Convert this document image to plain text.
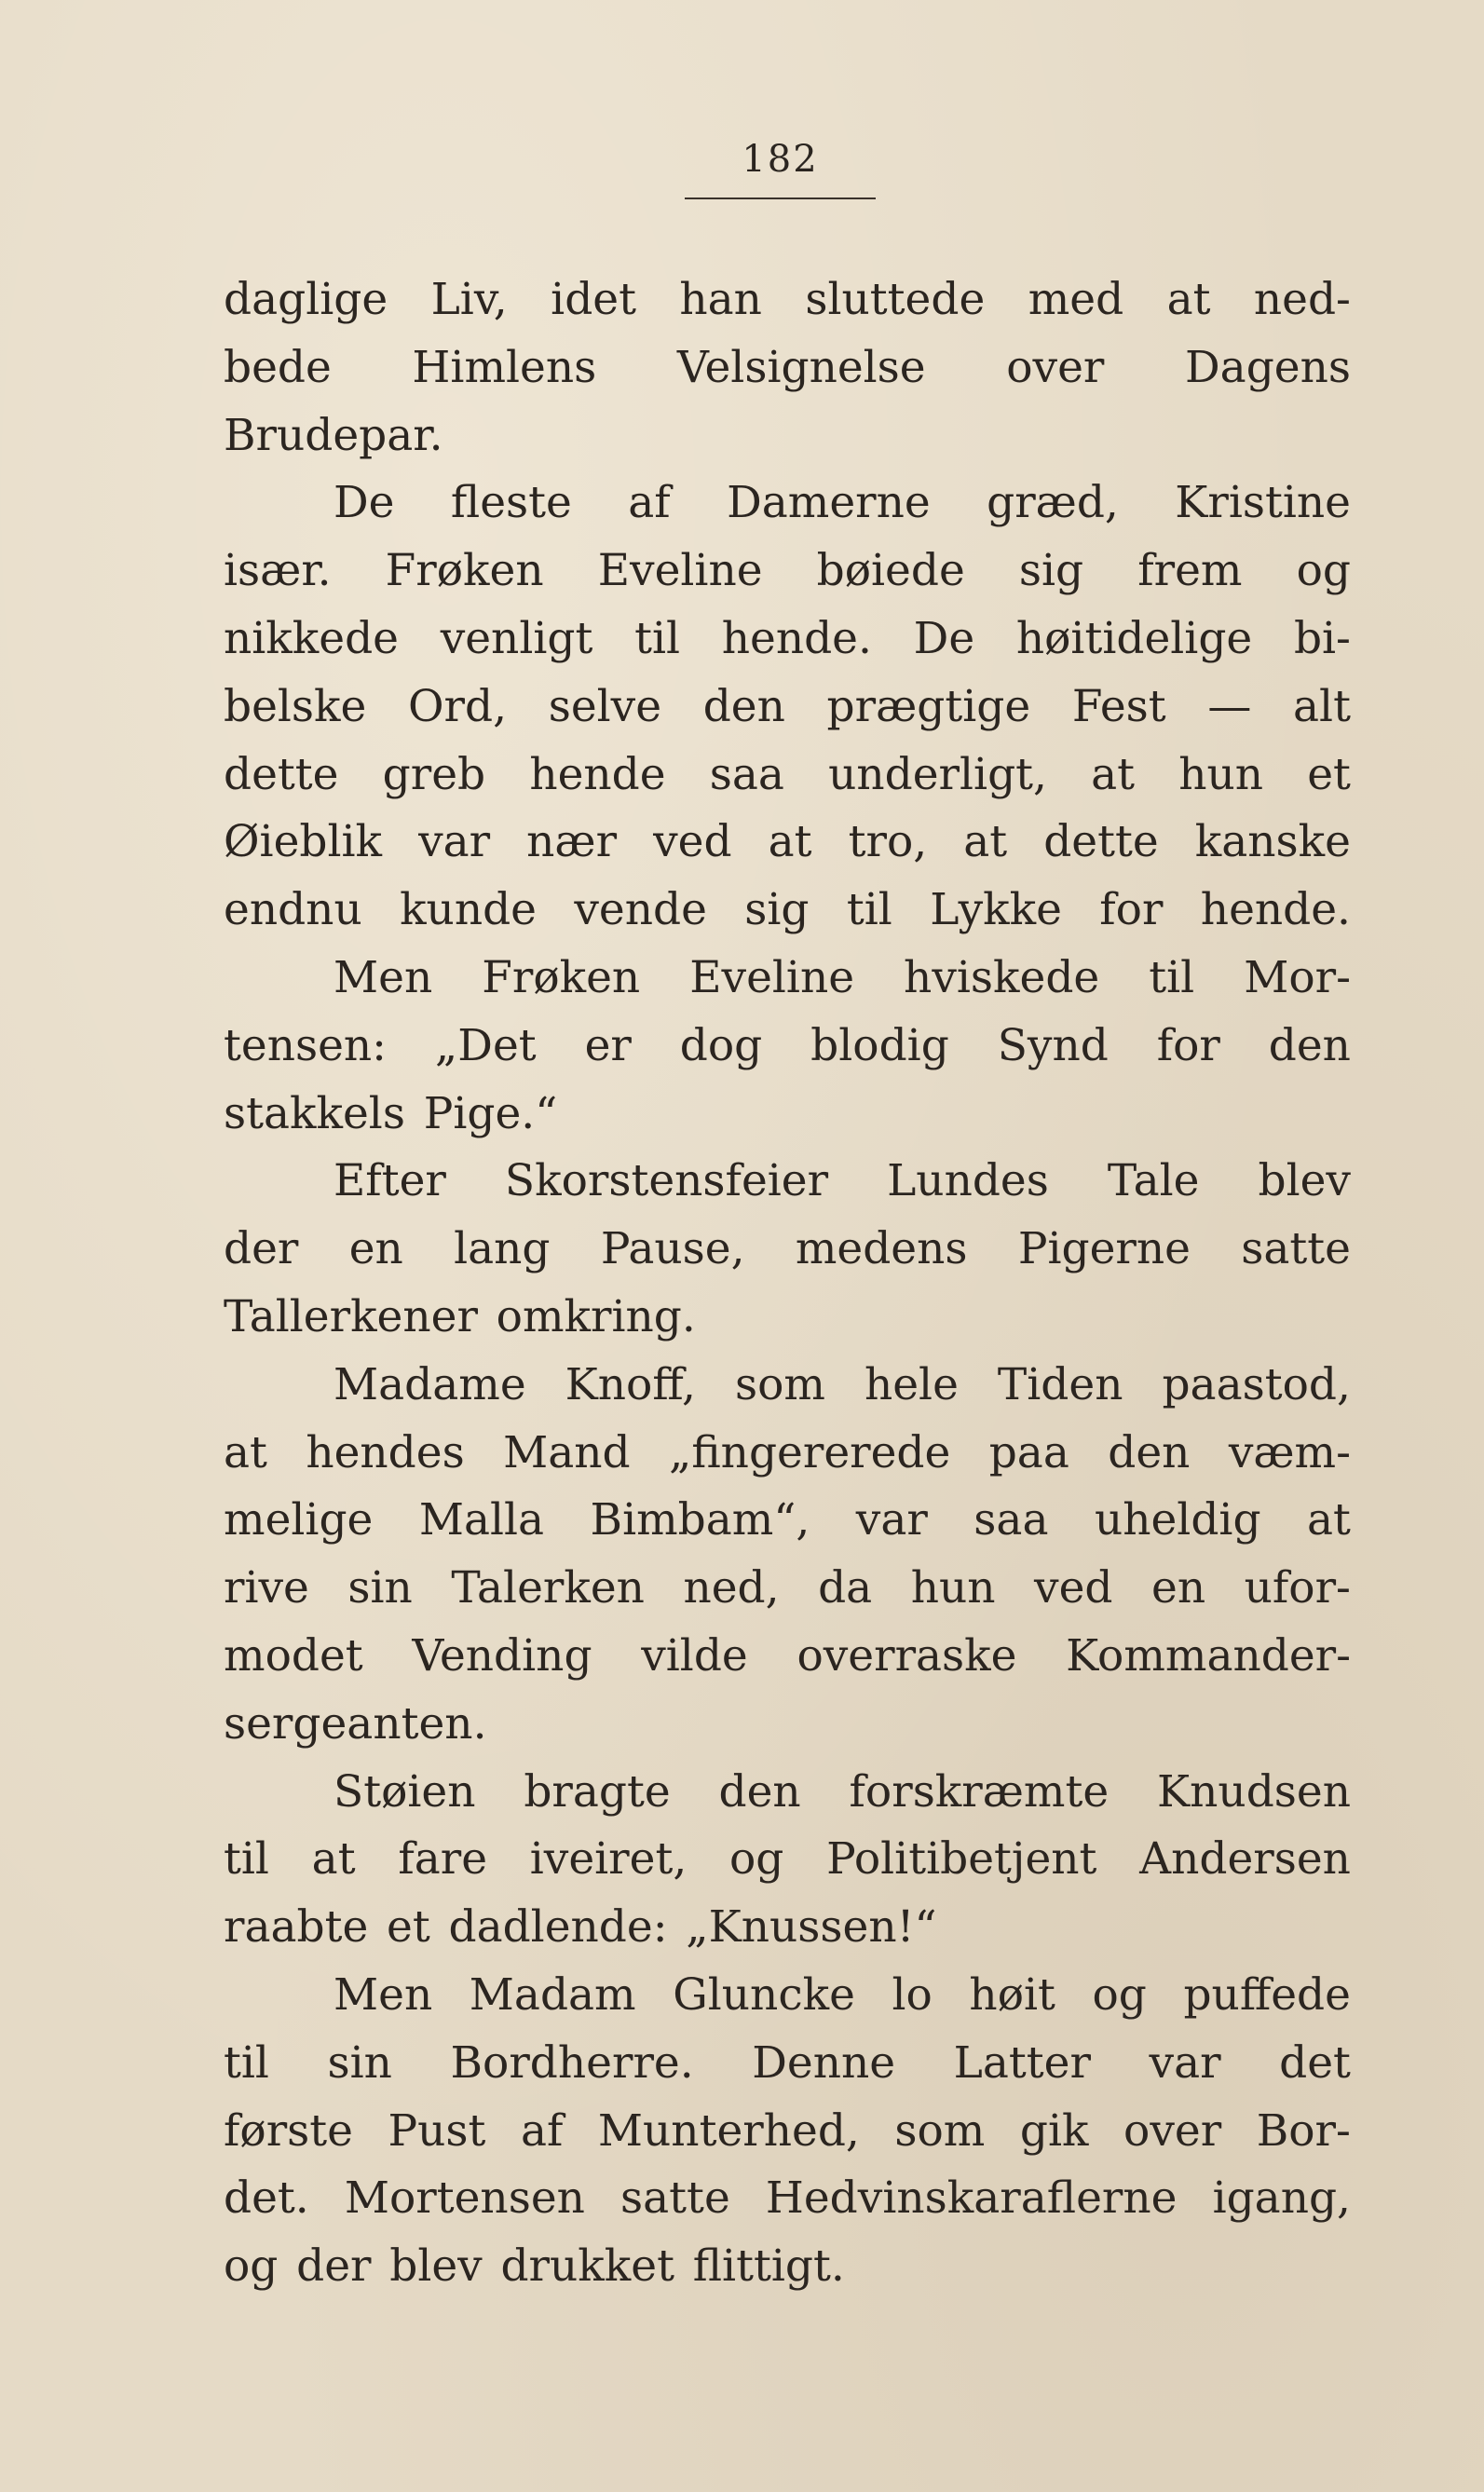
182
daglige Liv, idet han sluttede med at ned-
bede Himlens Velsignelse over Dagens
Brudepar.
De fleste af Damerne græd, Kristine
især. Frøken Eveline bøiede sig frem og
nikkede venligt til hende. De høitidelige bi-
belske Ord, selve den prægtige Fest — alt
dette greb hende saa underligt, at hun et
Øieblik var nær ved at tro, at dette kanske
endnu kunde vende sig til Lykke for hende.
Men Frøken Eveline hviskede til Mor-
tensen: „Det er dog blodig Synd for den
stakkels Pige.“
Efter Skorstensfeier Lundes Tale blev
der en lang Pause, medens Pigerne satte
Tallerkener omkring.
Madame Knoff, som hele Tiden paastod,
at hendes Mand „fingererede paa den væm-
melige Malla Bimbam“, var saa uheldig at
rive sin Talerken ned, da hun ved en ufor-
modet Vending vilde overraske Kommander-
sergeanten.
Støien bragte den forskræmte Knudsen
til at fare iveiret, og Politibetjent Andersen
raabte et dadlende: „Knussen!“
Men Madam Gluncke lo høit og puffede
til sin Bordherre. Denne Latter var det
første Pust af Munterhed, som gik over Bor-
det. Mortensen satte Hedvinskaraflerne igang,
og der blev drukket flittigt.
